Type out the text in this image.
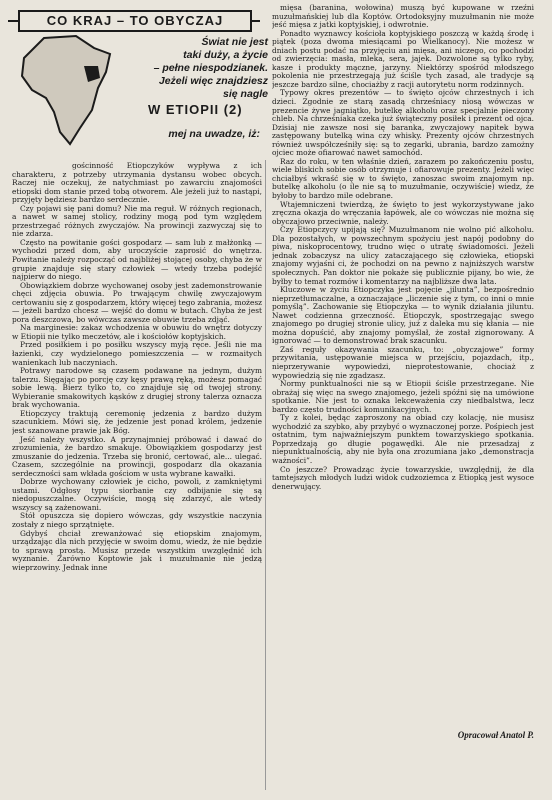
CO KRAJ – TO OBYCZAJ
Świat nie jest
taki duży, a życie
– pełne niespodzianek.
Jeżeli więc znajdziesz
się nagle
W ETIOPII (2)
mej na uwadze, iż:

gościnność Etiopczyków wypływa z ich charakteru, z potrzeby utrzymania dystansu wobec obcych. Raczej nie oczekuj, że natychmiast po zawarciu znajomości etiopski dom stanie przed tobą otworem. Ale jeżeli już to nastąpi, przyjęty będziesz bardzo serdecznie.

Czy pojawi się pani domu? Nie ma reguł. W różnych regionach, a nawet w samej stolicy, rodziny mogą pod tym względem przestrzegać różnych zwyczajów. Na prowincji zazwyczaj się to nie zdarza.

Często na powitanie gości gospodarz — sam lub z małżonką — wychodzi przed dom, aby uroczyście zaprosić do wnętrza. Powitanie należy rozpocząć od najbliżej stojącej osoby, chyba że w grupie znajduje się stary człowiek — wtedy trzeba podejść najpierw do niego.

Obowiązkiem dobrze wychowanej osoby jest zademonstrowanie chęci zdjęcia obuwia. Po trwającym chwilę zwyczajowym certowaniu się z gospodarzem, który więcej tego zabrania, możesz — jeżeli bardzo chcesz — wejść do domu w butach. Chyba że jest pora deszczowa, bo wówczas zawsze obuwie trzeba zdjąć.

Na marginesie: zakaz wchodzenia w obuwiu do wnętrz dotyczy w Etiopii nie tylko meczetów, ale i kościołów koptyjskich.

Przed posiłkiem i po posiłku wszyscy myją ręce. Jeśli nie ma łazienki, czy wydzielonego pomieszczenia — w rozmaitych wanienkach lub naczyniach.

Potrawy narodowe są czasem podawane na jednym, dużym talerzu. Sięgając po porcję czy kęsy prawą ręką, możesz pomagać sobie lewą. Bierz tylko to, co znajduje się od twojej strony. Wybieranie smakowitych kąsków z drugiej strony talerza oznacza brak wychowania.

Etiopczycy traktują ceremonię jedzenia z bardzo dużym szacunkiem. Mówi się, że jedzenie jest ponad królem, jedzenie jest szanowane prawie jak Bóg.

Jeść należy wszystko. A przynajmniej próbować i dawać do zrozumienia, że bardzo smakuje. Obowiązkiem gospodarzy jest zmuszanie do jedzenia. Trzeba się bronić, certować, ale... ulegać. Czasem, szczególnie na prowincji, gospodarz dla okazania serdeczności sam wkłada gościom w usta wybrane kawałki.

Dobrze wychowany człowiek je cicho, powoli, z zamkniętymi ustami. Odgłosy typu siorbanie czy odbijanie się są niedopuszczalne. Oczywiście, mogą się zdarzyć, ale wtedy wszyscy są zażenowani.

Stół opuszcza się dopiero wówczas, gdy wszystkie naczynia zostały z niego sprzątnięte.

Gdybyś chciał zrewanżować się etiopskim znajomym, urządzając dla nich przyjęcie w swoim domu, wiedz, że nie będzie to sprawą prostą. Musisz przede wszystkim uwzględnić ich wyznanie. Zarówno Koptowie jak i muzułmanie nie jedzą wieprzowiny. Jednak inne

mięsa (baranina, wołowina) muszą być kupowane w rzeźni muzułmańskiej lub dla Koptów. Ortodoksyjny muzułmanin nie może jeść mięsa z jatki koptyjskiej, i odwrotnie.

Ponadto wyznawcy kościoła koptyjskiego poszczą w każdą środę i piątek (poza dwoma miesiącami po Wielkanocy). Nie możesz w dniach postu podać na przyjęciu ani mięsa, ani niczego, co pochodzi od zwierzęcia: masła, mleka, sera, jajek. Dozwolone są tylko ryby, kasze i produkty mączne, jarzyny. Niektórzy spośród młodszego pokolenia nie przestrzegają już ściśle tych zasad, ale tradycje są jeszcze bardzo silne, chociażby z racji autorytetu norm rodzinnych.

Typowy okres prezentów — to święto ojców chrzestnych i ich dzieci. Zgodnie ze starą zasadą chrześniacy niosą wówczas w prezencie żywe jagniątko, butelkę alkoholu oraz specjalnie pieczony chleb. Na chrześniaka czeka już świąteczny posiłek i prezent od ojca. Dzisiaj nie zawsze nosi się baranka, zwyczajowy napitek bywa zastępowany butelką wina czy whisky. Prezenty ojców chrzestnych również uwspółcześniły się: są to zegarki, ubrania, bardzo zamożny ojciec może ofiarować nawet samochód.

Raz do roku, w ten właśnie dzień, zarazem po zakończeniu postu, wiele bliskich sobie osób otrzymuje i ofiarowuje prezenty. Jeżeli więc chciałbyś wkraść się w to święto, zanoszac swoim znajomym np. butelkę alkoholu (o ile nie są to muzułmanie, oczywiście) wiedz, że byłoby to bardzo mile odebrane.

Wtajemniczeni twierdzą, że święto to jest wykorzystywane jako zręczna okazja do wręczania łapówek, ale co wówczas nie można się obyczajowo przeciwnie, należy.

Czy Etiopczycy upijają się? Muzułmanom nie wolno pić alkoholu. Dla pozostałych, w powszechnym spożyciu jest napój podobny do piwa, niskoprocentowy, trudno więc o utratę świadomości. Jeżeli jednak zobaczysz na ulicy zataczającego się człowieka, etiopski znajomy wyjaśni ci, że pochodzi on na pewno z najniższych warstw społecznych. Pan doktor nie pokaże się publicznie pijany, bo wie, że byłby to temat rozmów i komentarzy na najbliższe dwa lata.

Kluczowe w życiu Etiopczyka jest pojęcie „jilunta”, bezpośrednio nieprzetłumaczalne, a oznaczające „liczenie się z tym, co inni o mnie pomyślą”. Zachowanie się Etiopczyka — to wynik działania jiluntu. Nawet codzienna grzeczność. Etiopczyk, spostrzegając swego znajomego po drugiej stronie ulicy, już z daleka mu się kłania — nie można dopuścić, aby znajomy pomyślał, że został zignorowany. A ignorować — to demonstrować brak szacunku.

Zaś reguły okazywania szacunku, to: „obyczajowe” formy przywitania, ustępowanie miejsca w przejściu, pojazdach, itp., nieprzerywanie wypowiedzi, nieprotestowanie, chociaż z wypowiedzią się nie zgadzasz.

Normy punktualności nie są w Etiopii ściśle przestrzegane. Nie obrażaj się więc na swego znajomego, jeżeli spóźni się na umówione spotkanie. Nie jest to oznaka lekceważenia czy niedbalstwa, lecz bardzo często trudności komunikacyjnych.

Ty z kolei, będąc zaproszony na obiad czy kolację, nie musisz wychodzić za szybko, aby przybyć o wyznaczonej porze. Pośpiech jest ostatnim, tym najważniejszym punktem towarzyskiego spotkania. Poprzedzają go długie pogawędki. Ale nie przesadzaj z niepunktualnością, aby nie była ona zrozumiana jako „demonstracja ważności”.

Co jeszcze? Prowadząc życie towarzyskie, uwzględnij, że dla tamtejszych młodych ludzi widok cudzoziemca z Etiopką jest wysoce denerwujący.

Opracował Anatol P.
